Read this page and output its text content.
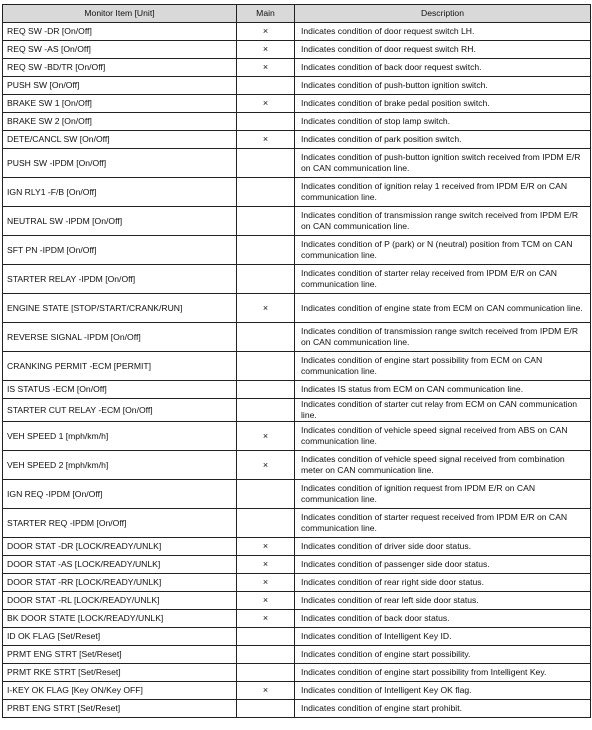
Monitor Item [Unit]	Main	Description
REQ SW -DR [On/Off]	×	Indicates condition of door request switch LH.
REQ SW -AS [On/Off]	×	Indicates condition of door request switch RH.
REQ SW -BD/TR [On/Off]	×	Indicates condition of back door request switch.
PUSH SW [On/Off]		Indicates condition of push-button ignition switch.
BRAKE SW 1 [On/Off]	×	Indicates condition of brake pedal position switch.
BRAKE SW 2 [On/Off]		Indicates condition of stop lamp switch.
DETE/CANCL SW [On/Off]	×	Indicates condition of park position switch.
PUSH SW -IPDM [On/Off]		Indicates condition of push-button ignition switch received from IPDM E/R on CAN communication line.
IGN RLY1 -F/B [On/Off]		Indicates condition of ignition relay 1 received from IPDM E/R on CAN communication line.
NEUTRAL SW -IPDM [On/Off]		Indicates condition of transmission range switch received from IPDM E/R on CAN communication line.
SFT PN -IPDM [On/Off]		Indicates condition of P (park) or N (neutral) position from TCM on CAN communication line.
STARTER RELAY -IPDM [On/Off]		Indicates condition of starter relay received from IPDM E/R on CAN communication line.
ENGINE STATE [STOP/START/CRANK/RUN]	×	Indicates condition of engine state from ECM on CAN communication line.
REVERSE SIGNAL -IPDM [On/Off]		Indicates condition of transmission range switch received from IPDM E/R on CAN communication line.
CRANKING PERMIT -ECM [PERMIT]		Indicates condition of engine start possibility from ECM on CAN communication line.
IS STATUS -ECM [On/Off]		Indicates IS status from ECM on CAN communication line.
STARTER CUT RELAY -ECM [On/Off]		Indicates condition of starter cut relay from ECM on CAN communication line.
VEH SPEED 1 [mph/km/h]	×	Indicates condition of vehicle speed signal received from ABS on CAN communication line.
VEH SPEED 2 [mph/km/h]	×	Indicates condition of vehicle speed signal received from combination meter on CAN communication line.
IGN REQ -IPDM [On/Off]		Indicates condition of ignition request from IPDM E/R on CAN communication line.
STARTER REQ -IPDM [On/Off]		Indicates condition of starter request received from IPDM E/R on CAN communication line.
DOOR STAT -DR [LOCK/READY/UNLK]	×	Indicates condition of driver side door status.
DOOR STAT -AS [LOCK/READY/UNLK]	×	Indicates condition of passenger side door status.
DOOR STAT -RR [LOCK/READY/UNLK]	×	Indicates condition of rear right side door status.
DOOR STAT -RL [LOCK/READY/UNLK]	×	Indicates condition of rear left side door status.
BK DOOR STATE [LOCK/READY/UNLK]	×	Indicates condition of back door status.
ID OK FLAG [Set/Reset]		Indicates condition of Intelligent Key ID.
PRMT ENG STRT [Set/Reset]		Indicates condition of engine start possibility.
PRMT RKE STRT [Set/Reset]		Indicates condition of engine start possibility from Intelligent Key.
I-KEY OK FLAG [Key ON/Key OFF]	×	Indicates condition of Intelligent Key OK flag.
PRBT ENG STRT [Set/Reset]		Indicates condition of engine start prohibit.
